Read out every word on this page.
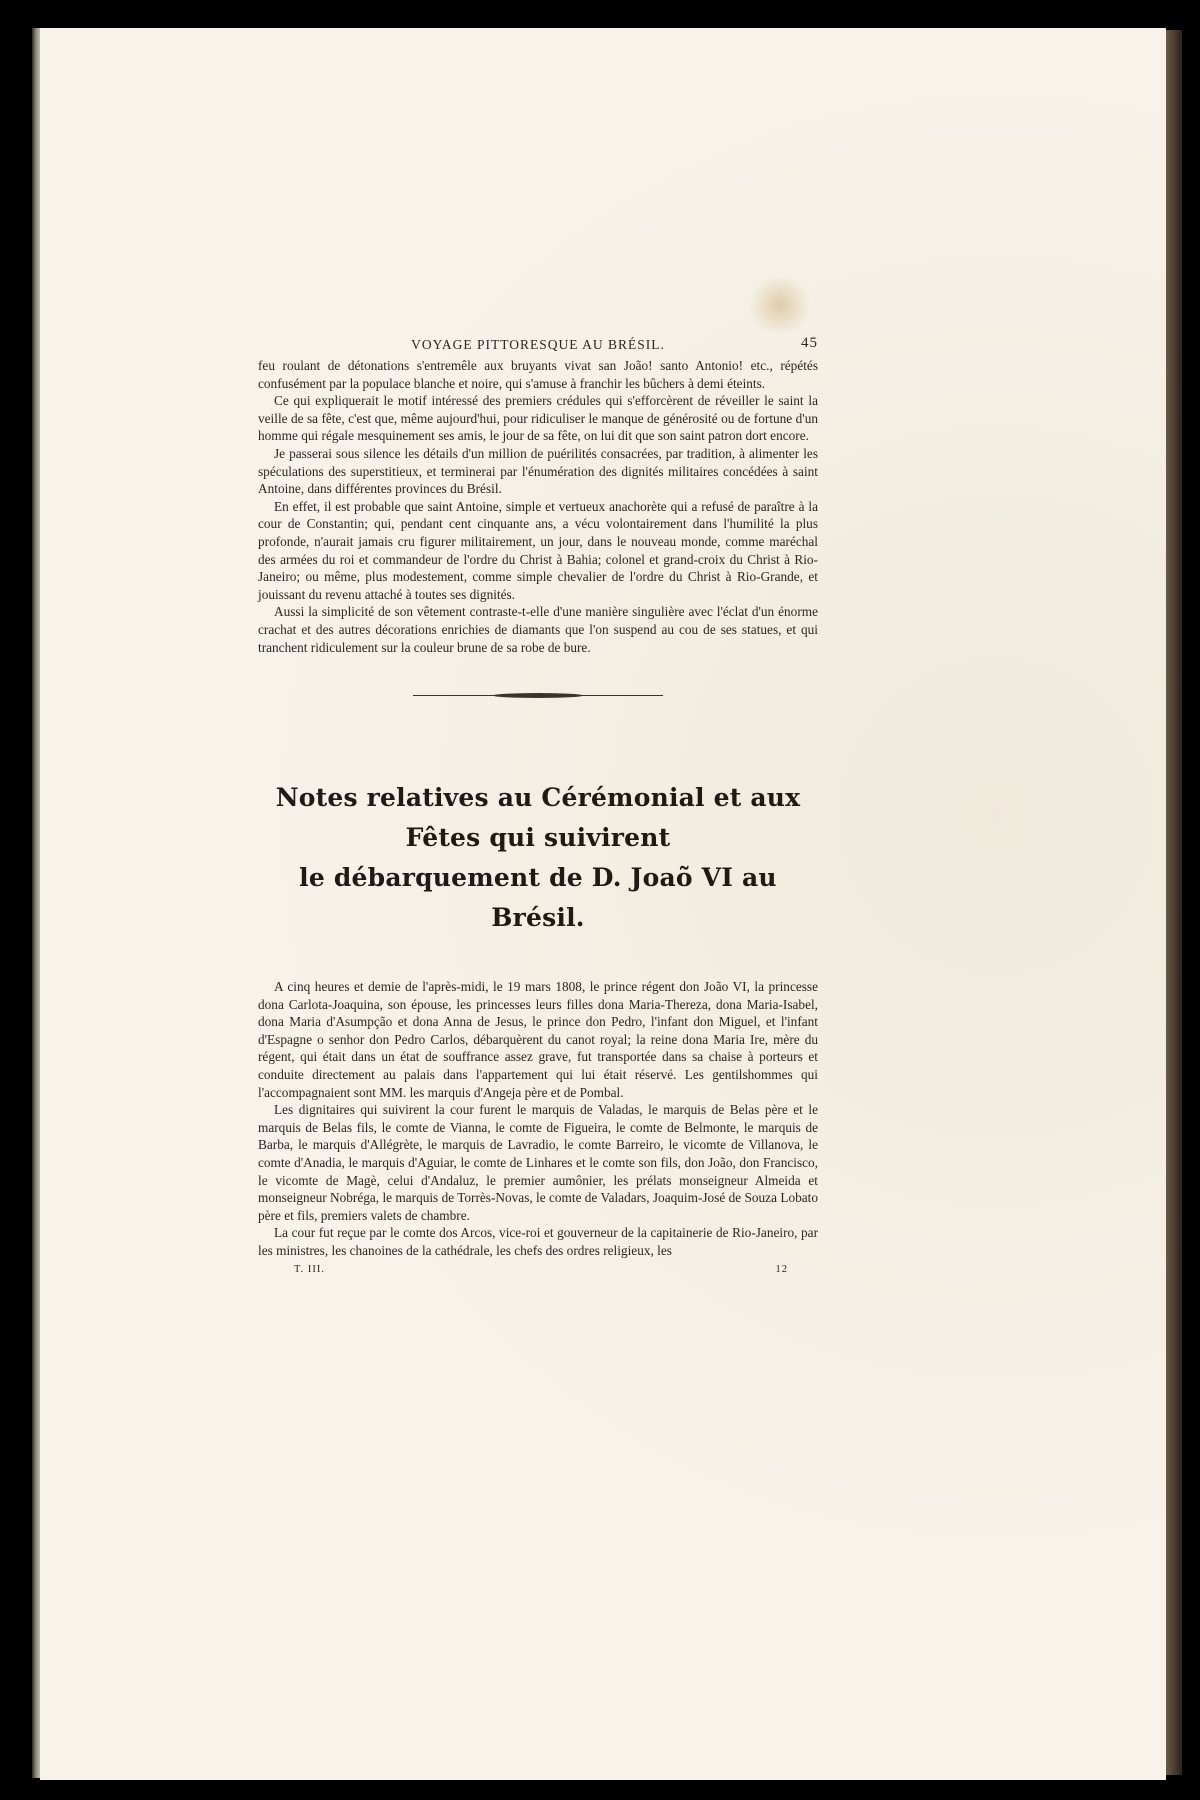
VOYAGE PITTORESQUE AU BRÉSIL.	45

feu roulant de détonations s'entremêle aux bruyants vivat san João! santo Antonio! etc., répétés confusément par la populace blanche et noire, qui s'amuse à franchir les bûchers à demi éteints.

Ce qui expliquerait le motif intéressé des premiers crédules qui s'efforcèrent de réveiller le saint la veille de sa fête, c'est que, même aujourd'hui, pour ridiculiser le manque de générosité ou de fortune d'un homme qui régale mesquinement ses amis, le jour de sa fête, on lui dit que son saint patron dort encore.

Je passerai sous silence les détails d'un million de puérilités consacrées, par tradition, à alimenter les spéculations des superstitieux, et terminerai par l'énumération des dignités militaires concédées à saint Antoine, dans différentes provinces du Brésil.

En effet, il est probable que saint Antoine, simple et vertueux anachorète qui a refusé de paraître à la cour de Constantin; qui, pendant cent cinquante ans, a vécu volontairement dans l'humilité la plus profonde, n'aurait jamais cru figurer militairement, un jour, dans le nouveau monde, comme maréchal des armées du roi et commandeur de l'ordre du Christ à Bahia; colonel et grand-croix du Christ à Rio-Janeiro; ou même, plus modestement, comme simple chevalier de l'ordre du Christ à Rio-Grande, et jouissant du revenu attaché à toutes ses dignités.

Aussi la simplicité de son vêtement contraste-t-elle d'une manière singulière avec l'éclat d'un énorme crachat et des autres décorations enrichies de diamants que l'on suspend au cou de ses statues, et qui tranchent ridiculement sur la couleur brune de sa robe de bure.

Notes relatives au Cérémonial et aux Fêtes qui suivirent
le débarquement de D. Joaõ VI au Brésil.

A cinq heures et demie de l'après-midi, le 19 mars 1808, le prince régent don João VI, la princesse dona Carlota-Joaquina, son épouse, les princesses leurs filles dona Maria-Thereza, dona Maria-Isabel, dona Maria d'Asumpção et dona Anna de Jesus, le prince don Pedro, l'infant don Miguel, et l'infant d'Espagne o senhor don Pedro Carlos, débarquèrent du canot royal; la reine dona Maria Ire, mère du régent, qui était dans un état de souffrance assez grave, fut transportée dans sa chaise à porteurs et conduite directement au palais dans l'appartement qui lui était réservé. Les gentilshommes qui l'accompagnaient sont MM. les marquis d'Angeja père et de Pombal.

Les dignitaires qui suivirent la cour furent le marquis de Valadas, le marquis de Belas père et le marquis de Belas fils, le comte de Vianna, le comte de Figueira, le comte de Belmonte, le marquis de Barba, le marquis d'Allégrète, le marquis de Lavradio, le comte Barreiro, le vicomte de Villanova, le comte d'Anadia, le marquis d'Aguiar, le comte de Linhares et le comte son fils, don João, don Francisco, le vicomte de Magè, celui d'Andaluz, le premier aumônier, les prélats monseigneur Almeida et monseigneur Nobréga, le marquis de Torrès-Novas, le comte de Valadars, Joaquim-José de Souza Lobato père et fils, premiers valets de chambre.

La cour fut reçue par le comte dos Arcos, vice-roi et gouverneur de la capitainerie de Rio-Janeiro, par les ministres, les chanoines de la cathédrale, les chefs des ordres religieux, les

T. III.	12
